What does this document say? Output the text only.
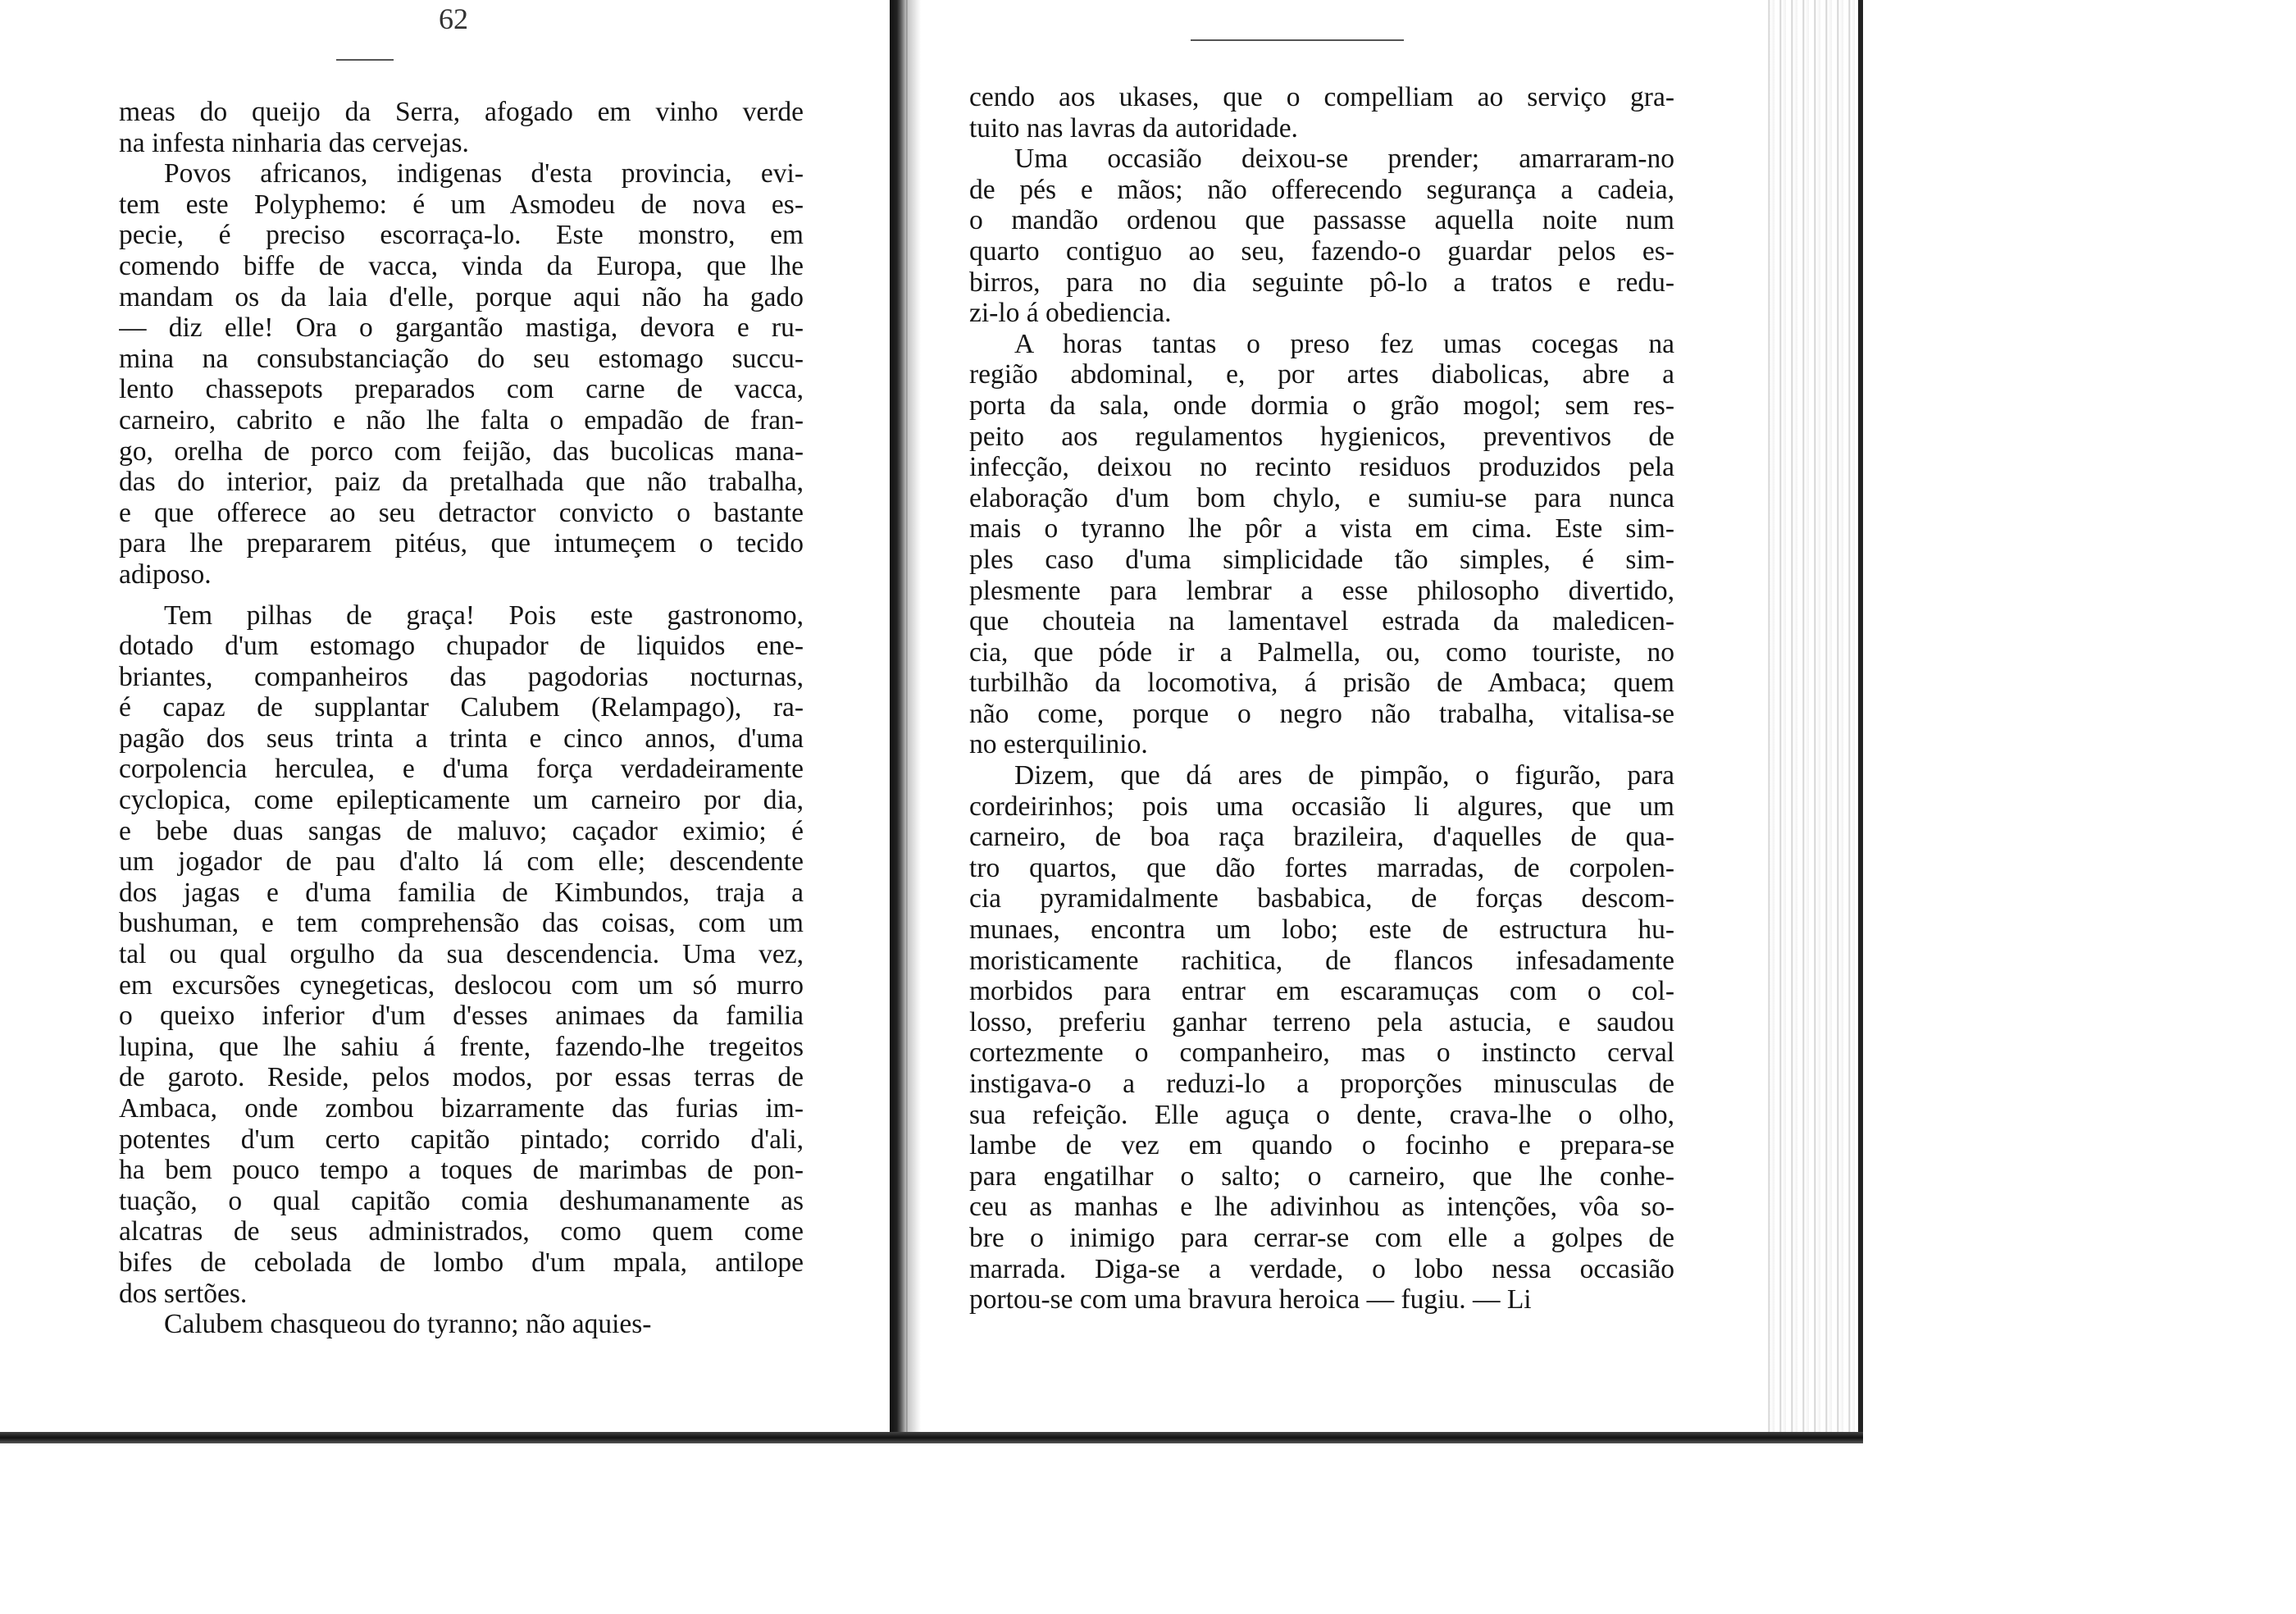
62
meas do queijo da Serra, afogado em vinho verde
na infesta ninharia das cervejas.
Povos africanos, indigenas d'esta provincia, evi-
tem este Polyphemo: é um Asmodeu de nova es-
pecie, é preciso escorraça-lo. Este monstro, em
comendo biffe de vacca, vinda da Europa, que lhe
mandam os da laia d'elle, porque aqui não ha gado
— diz elle! Ora o gargantão mastiga, devora e ru-
mina na consubstanciação do seu estomago succu-
lento chassepots preparados com carne de vacca,
carneiro, cabrito e não lhe falta o empadão de fran-
go, orelha de porco com feijão, das bucolicas mana-
das do interior, paiz da pretalhada que não trabalha,
e que offerece ao seu detractor convicto o bastante
para lhe prepararem pitéus, que intumeçem o tecido
adiposo.
Tem pilhas de graça! Pois este gastronomo,
dotado d'um estomago chupador de liquidos ene-
briantes, companheiros das pagodorias nocturnas,
é capaz de supplantar Calubem (Relampago), ra-
pagão dos seus trinta a trinta e cinco annos, d'uma
corpolencia herculea, e d'uma força verdadeiramente
cyclopica, come epilepticamente um carneiro por dia,
e bebe duas sangas de maluvo; caçador eximio; é
um jogador de pau d'alto lá com elle; descendente
dos jagas e d'uma familia de Kimbundos, traja a
bushuman, e tem comprehensão das coisas, com um
tal ou qual orgulho da sua descendencia. Uma vez,
em excursões cynegeticas, deslocou com um só murro
o queixo inferior d'um d'esses animaes da familia
lupina, que lhe sahiu á frente, fazendo-lhe tregeitos
de garoto. Reside, pelos modos, por essas terras de
Ambaca, onde zombou bizarramente das furias im-
potentes d'um certo capitão pintado; corrido d'ali,
ha bem pouco tempo a toques de marimbas de pon-
tuação, o qual capitão comia deshumanamente as
alcatras de seus administrados, como quem come
bifes de cebolada de lombo d'um mpala, antilope
dos sertões.
Calubem chasqueou do tyranno; não aquies-
cendo aos ukases, que o compelliam ao serviço gra-
tuito nas lavras da autoridade.
Uma occasião deixou-se prender; amarraram-no
de pés e mãos; não offerecendo segurança a cadeia,
o mandão ordenou que passasse aquella noite num
quarto contiguo ao seu, fazendo-o guardar pelos es-
birros, para no dia seguinte pô-lo a tratos e redu-
zi-lo á obediencia.
A horas tantas o preso fez umas cocegas na
região abdominal, e, por artes diabolicas, abre a
porta da sala, onde dormia o grão mogol; sem res-
peito aos regulamentos hygienicos, preventivos de
infecção, deixou no recinto residuos produzidos pela
elaboração d'um bom chylo, e sumiu-se para nunca
mais o tyranno lhe pôr a vista em cima. Este sim-
ples caso d'uma simplicidade tão simples, é sim-
plesmente para lembrar a esse philosopho divertido,
que chouteia na lamentavel estrada da maledicen-
cia, que póde ir a Palmella, ou, como touriste, no
turbilhão da locomotiva, á prisão de Ambaca; quem
não come, porque o negro não trabalha, vitalisa-se
no esterquilinio.
Dizem, que dá ares de pimpão, o figurão, para
cordeirinhos; pois uma occasião li algures, que um
carneiro, de boa raça brazileira, d'aquelles de qua-
tro quartos, que dão fortes marradas, de corpolen-
cia pyramidalmente basbabica, de forças descom-
munaes, encontra um lobo; este de estructura hu-
moristicamente rachitica, de flancos infesadamente
morbidos para entrar em escaramuças com o col-
losso, preferiu ganhar terreno pela astucia, e saudou
cortezmente o companheiro, mas o instincto cerval
instigava-o a reduzi-lo a proporções minusculas de
sua refeição. Elle aguça o dente, crava-lhe o olho,
lambe de vez em quando o focinho e prepara-se
para engatilhar o salto; o carneiro, que lhe conhe-
ceu as manhas e lhe adivinhou as intenções, vôa so-
bre o inimigo para cerrar-se com elle a golpes de
marrada. Diga-se a verdade, o lobo nessa occasião
portou-se com uma bravura heroica — fugiu. — Li
